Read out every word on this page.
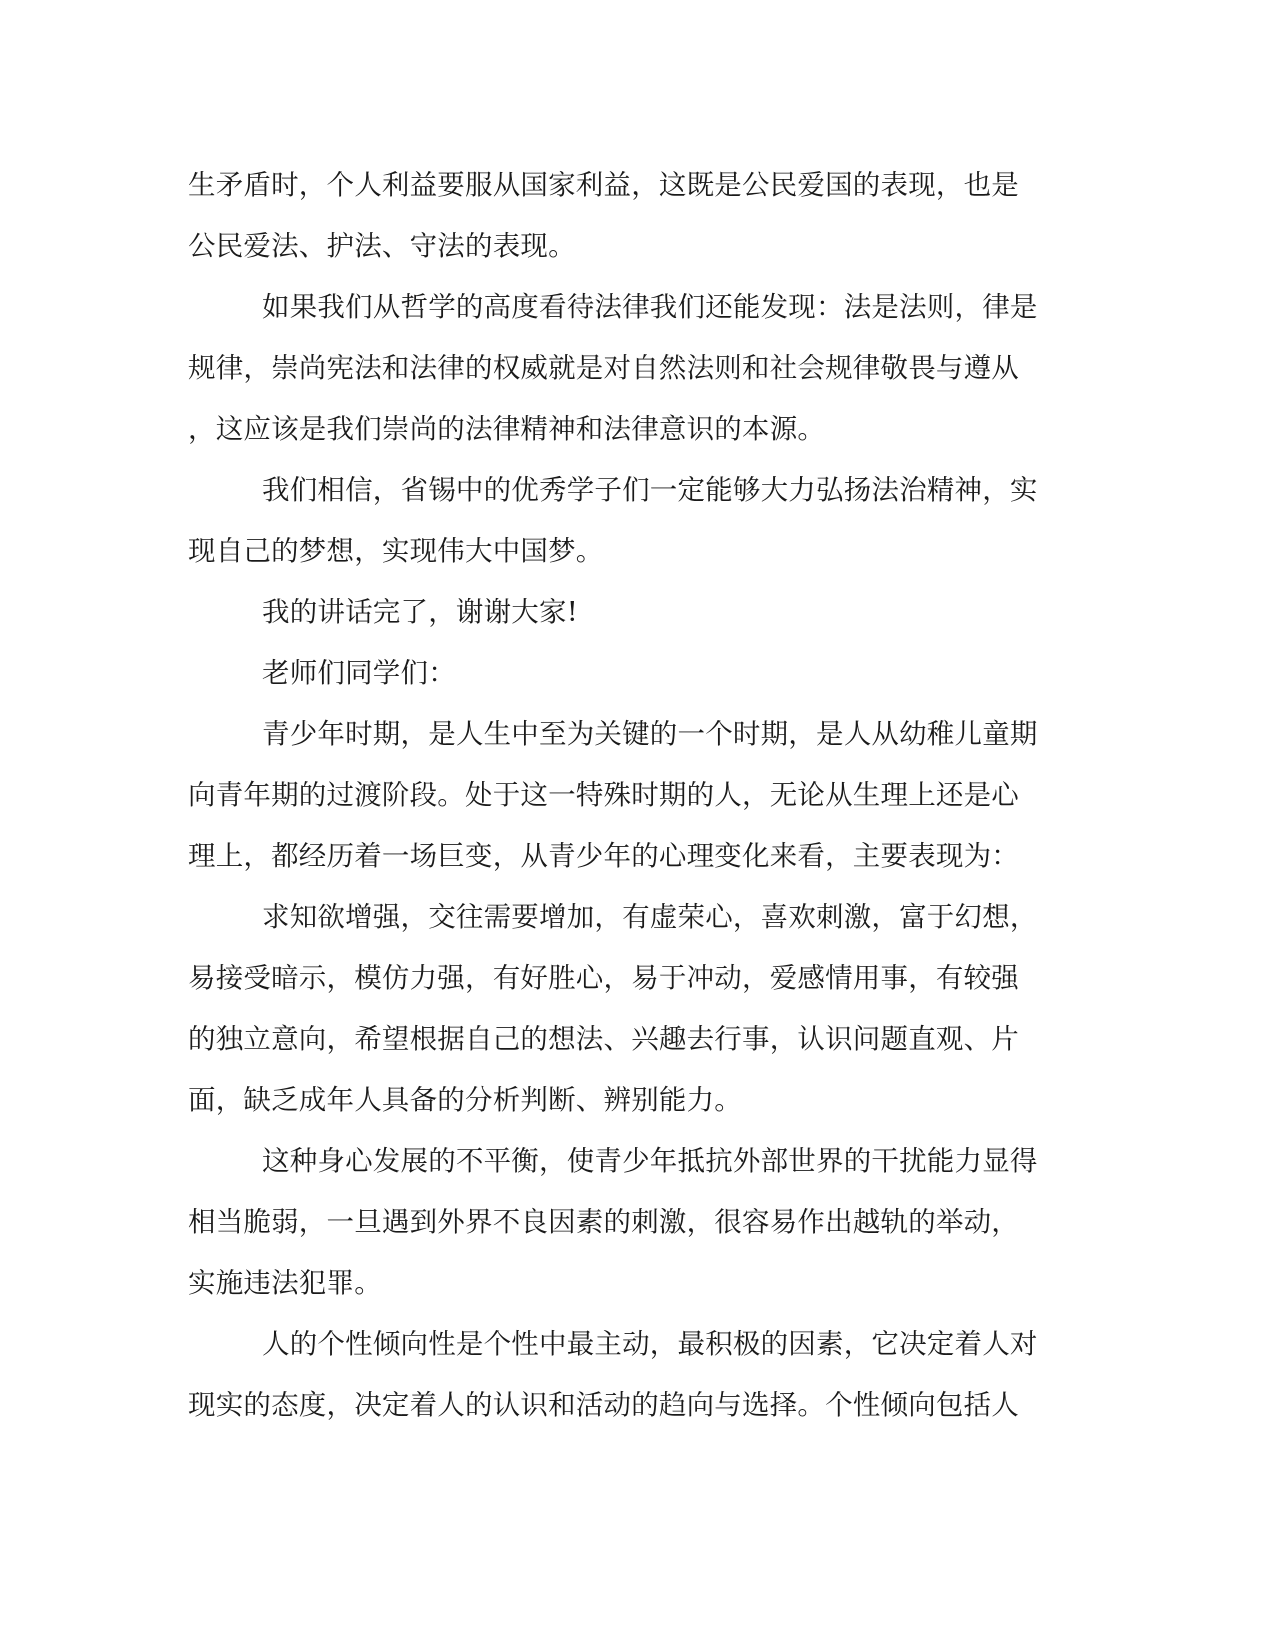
生矛盾时，个人利益要服从国家利益，这既是公民爱国的表现，也是
公民爱法、护法、守法的表现。
如果我们从哲学的高度看待法律我们还能发现：法是法则，律是
规律，崇尚宪法和法律的权威就是对自然法则和社会规律敬畏与遵从
，这应该是我们崇尚的法律精神和法律意识的本源。
我们相信，省锡中的优秀学子们一定能够大力弘扬法治精神，实
现自己的梦想，实现伟大中国梦。
我的讲话完了，谢谢大家!
老师们同学们：
青少年时期，是人生中至为关键的一个时期，是人从幼稚儿童期
向青年期的过渡阶段。处于这一特殊时期的人，无论从生理上还是心
理上，都经历着一场巨变，从青少年的心理变化来看，主要表现为：
求知欲增强，交往需要增加，有虚荣心，喜欢刺激，富于幻想，
易接受暗示，模仿力强，有好胜心，易于冲动，爱感情用事，有较强
的独立意向，希望根据自己的想法、兴趣去行事，认识问题直观、片
面，缺乏成年人具备的分析判断、辨别能力。
这种身心发展的不平衡，使青少年抵抗外部世界的干扰能力显得
相当脆弱，一旦遇到外界不良因素的刺激，很容易作出越轨的举动，
实施违法犯罪。
人的个性倾向性是个性中最主动，最积极的因素，它决定着人对
现实的态度，决定着人的认识和活动的趋向与选择。个性倾向包括人
